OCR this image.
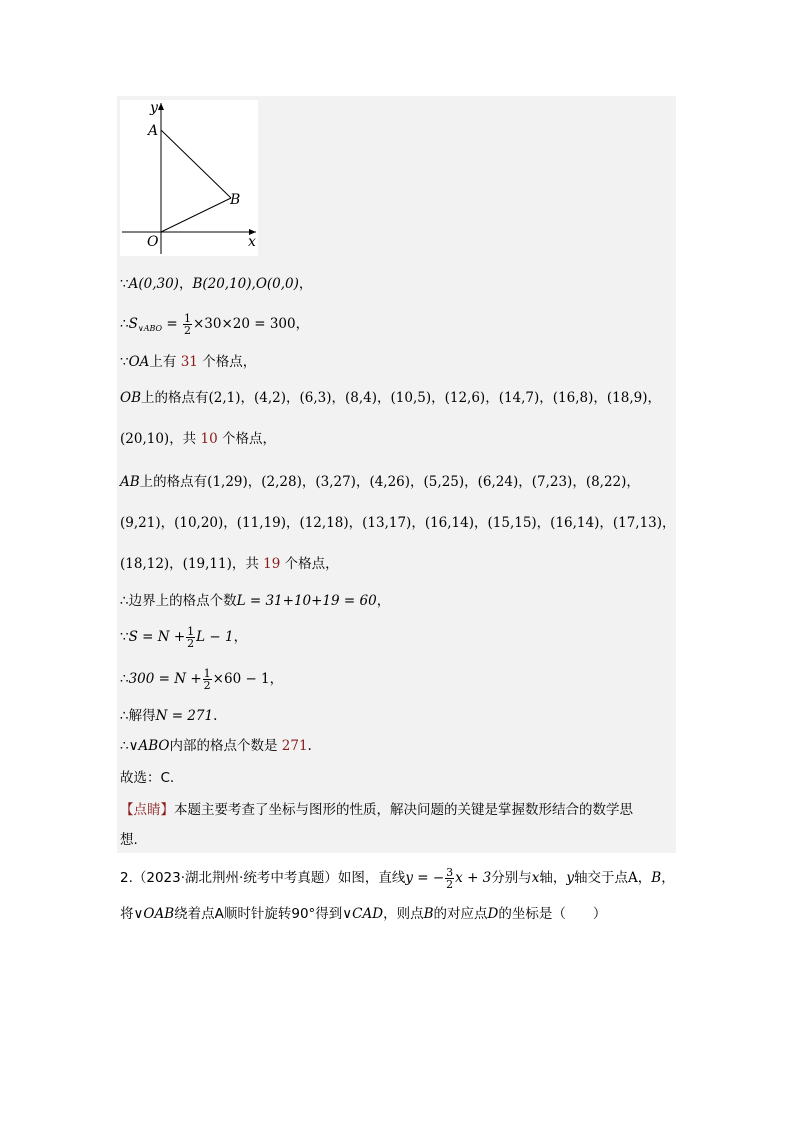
y
A
B
O	x
∵A(0,30)，B(20,10),O(0,0)，
$\therefore S_{\vee ABO} = \frac{1}{2} \times 30\times 20 = 300$，
∵OA上有 31 个格点，
OB上的格点有(2,1)，(4,2)，(6,3)，(8,4)，(10,5)，(12,6)，(14,7)，(16,8)，(18,9)，
(20,10)，共 10 个格点，
AB上的格点有(1,29)，(2,28)，(3,27)，(4,26)，(5,25)，(6,24)，(7,23)，(8,22)，
(9,21)，(10,20)，(11,19)，(12,18)，(13,17)，(16,14)，(15,15)，(16,14)，(17,13)，
(18,12)，(19,11)，共 19 个格点，
∴边界上的格点个数L = 31+10+19 = 60，
∵S = $N + \frac{1}{2}$ L − 1，
∴300 = $N + \frac{1}{2} \times 60 - 1$，
∴解得N = 271.
∴∨ABO内部的格点个数是 271.
故选：C.
【点睛】本题主要考查了坐标与图形的性质，解决问题的关键是掌握数形结合的数学思
想.
2.（2023·湖北荆州·统考中考真题）如图，直线y = − $\frac{3}{2}$ x + 3分别与x轴，y轴交于点A，B，
将∨OAB绕着点A顺时针旋转90°得到∨CAD，则点B的对应点D的坐标是（　　）
